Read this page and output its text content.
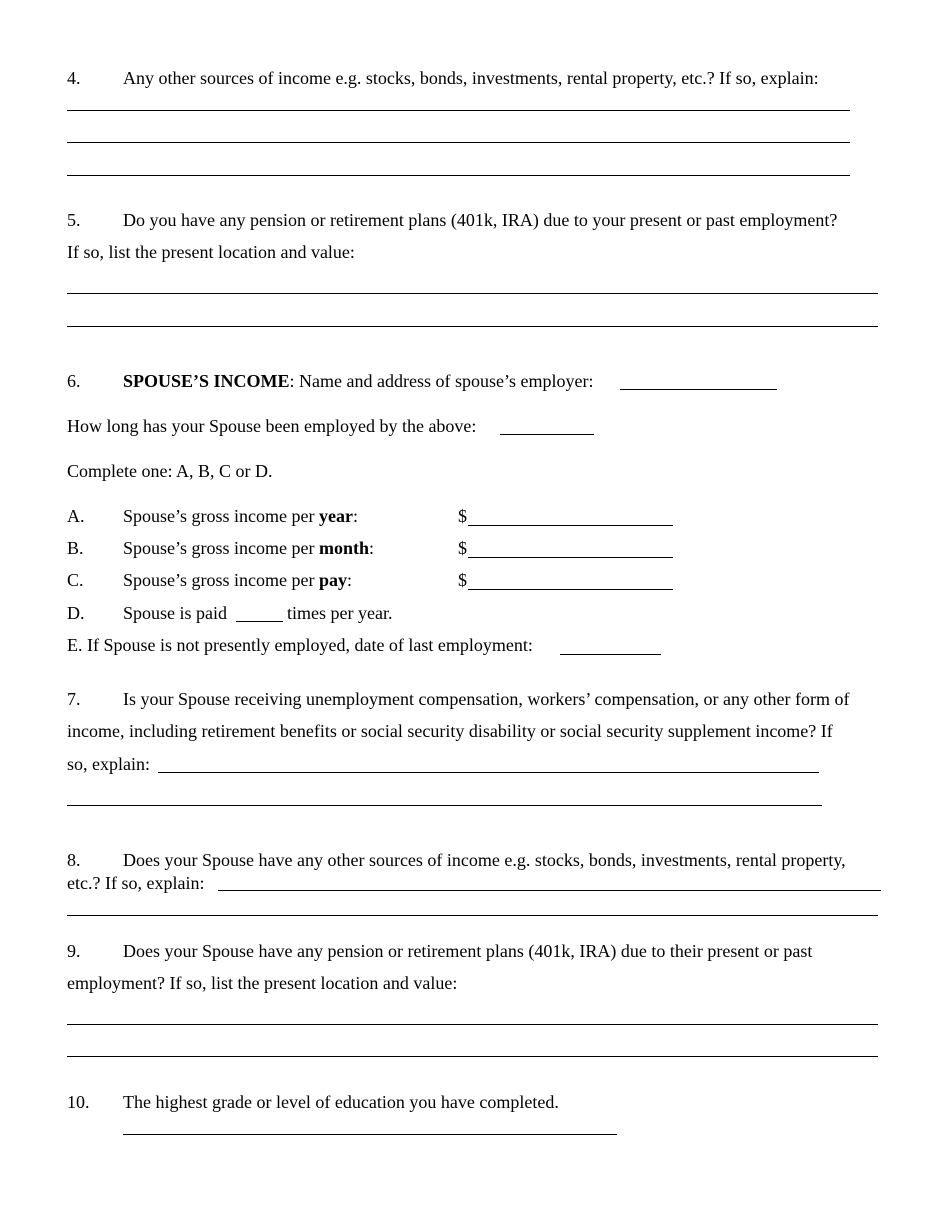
4. Any other sources of income e.g. stocks, bonds, investments, rental property, etc.? If so, explain:
5. Do you have any pension or retirement plans (401k, IRA) due to your present or past employment?
If so, list the present location and value:
6. SPOUSE’S INCOME: Name and address of spouse’s employer:
How long has your Spouse been employed by the above:
Complete one: A, B, C or D.
A. Spouse’s gross income per year:	$
B. Spouse’s gross income per month:	$
C. Spouse’s gross income per pay:	$
D. Spouse is paid	times per year.
E. If Spouse is not presently employed, date of last employment:
7. Is your Spouse receiving unemployment compensation, workers’ compensation, or any other form of
income, including retirement benefits or social security disability or social security supplement income? If
so, explain:
8. Does your Spouse have any other sources of income e.g. stocks, bonds, investments, rental property,
etc.? If so, explain:
9. Does your Spouse have any pension or retirement plans (401k, IRA) due to their present or past
employment? If so, list the present location and value:
10. The highest grade or level of education you have completed.
